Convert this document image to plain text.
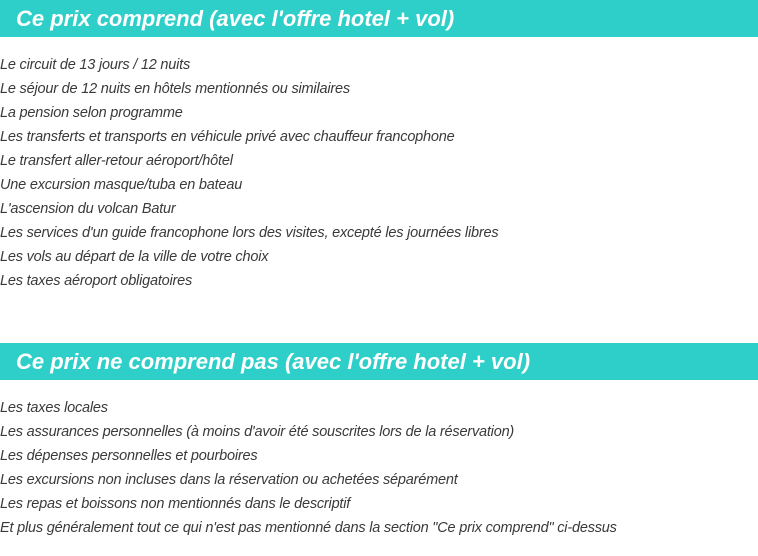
Ce prix comprend (avec l'offre hotel + vol)
Le circuit de 13 jours / 12 nuits
Le séjour de 12 nuits en hôtels mentionnés ou similaires
La pension selon programme
Les transferts et transports en véhicule privé avec chauffeur francophone
Le transfert aller-retour aéroport/hôtel
Une excursion masque/tuba en bateau
L'ascension du volcan Batur
Les services d'un guide francophone lors des visites, excepté les journées libres
Les vols au départ de la ville de votre choix
Les taxes aéroport obligatoires
Ce prix ne comprend pas (avec l'offre hotel + vol)
Les taxes locales
Les assurances personnelles (à moins d'avoir été souscrites lors de la réservation)
Les dépenses personnelles et pourboires
Les excursions non incluses dans la réservation ou achetées séparément
Les repas et boissons non mentionnés dans le descriptif
Et plus généralement tout ce qui n'est pas mentionné dans la section "Ce prix comprend" ci-dessus
